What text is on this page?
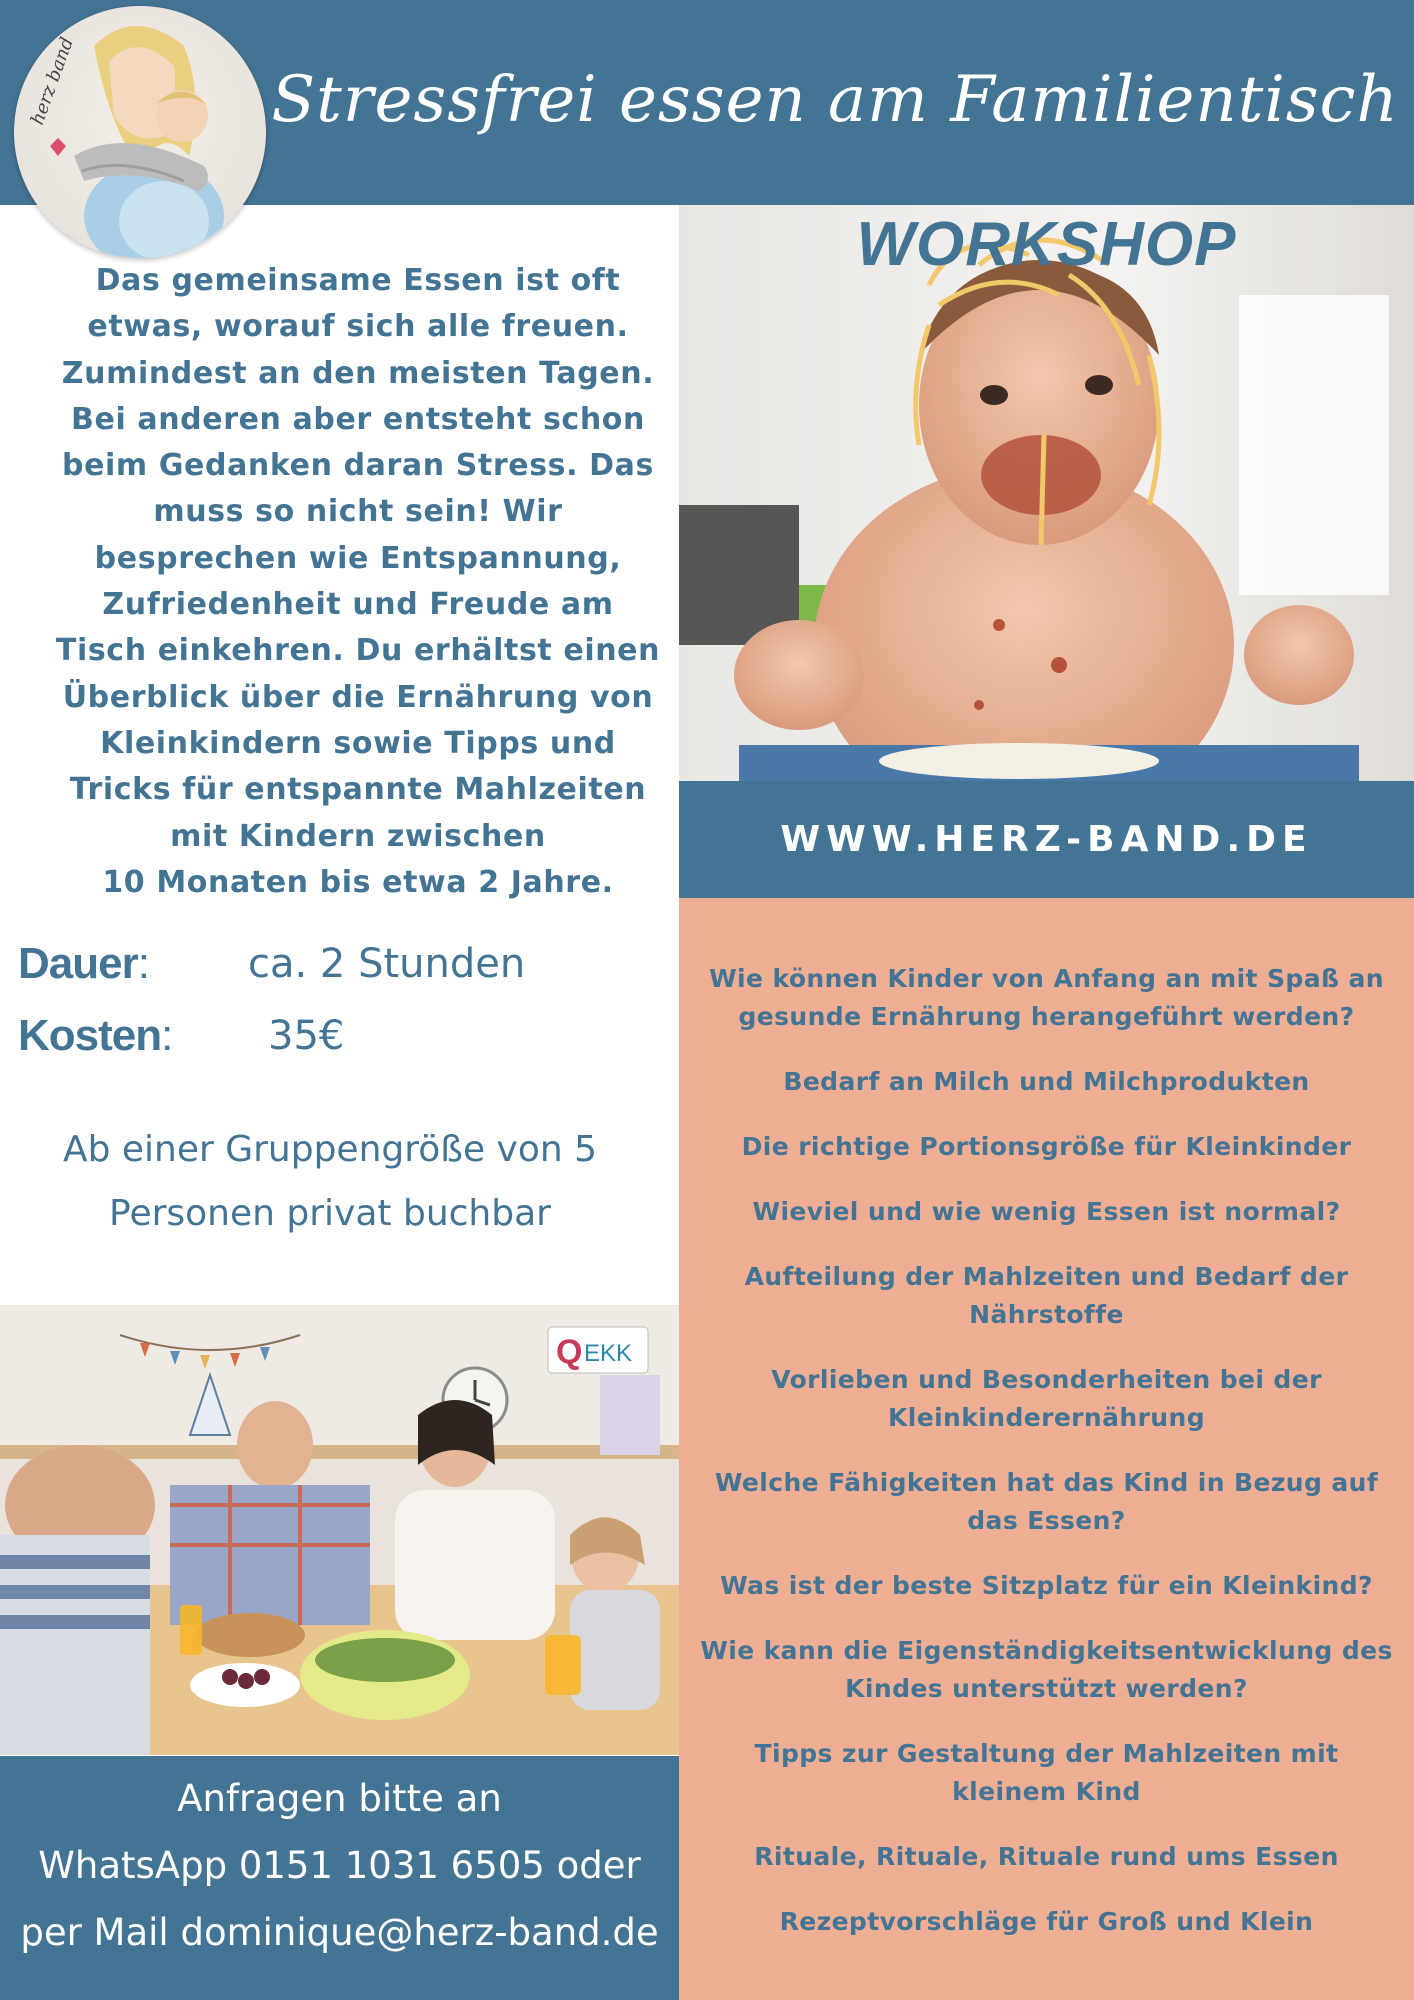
Stressfrei essen am Familientisch
herz band
WORKSHOP
WWW.HERZ-BAND.DE
Das gemeinsame Essen ist oft
etwas, worauf sich alle freuen.
Zumindest an den meisten Tagen.
Bei anderen aber entsteht schon
beim Gedanken daran Stress. Das
muss so nicht sein! Wir
besprechen wie Entspannung,
Zufriedenheit und Freude am
Tisch einkehren. Du erhältst einen
Überblick über die Ernährung von
Kleinkindern sowie Tipps und
Tricks für entspannte Mahlzeiten
mit Kindern zwischen
10 Monaten bis etwa 2 Jahre.
Dauer: ca. 2 Stunden
Kosten: 35€
Ab einer Gruppengröße von 5
Personen privat buchbar
Q EKK
Anfragen bitte an
WhatsApp 0151 1031 6505 oder
per Mail dominique@herz-band.de
Wie können Kinder von Anfang an mit Spaß an gesunde Ernährung herangeführt werden?
Bedarf an Milch und Milchprodukten
Die richtige Portionsgröße für Kleinkinder
Wieviel und wie wenig Essen ist normal?
Aufteilung der Mahlzeiten und Bedarf der Nährstoffe
Vorlieben und Besonderheiten bei der Kleinkinderernährung
Welche Fähigkeiten hat das Kind in Bezug auf das Essen?
Was ist der beste Sitzplatz für ein Kleinkind?
Wie kann die Eigenständigkeitsentwicklung des Kindes unterstützt werden?
Tipps zur Gestaltung der Mahlzeiten mit kleinem Kind
Rituale, Rituale, Rituale rund ums Essen
Rezeptvorschläge für Groß und Klein
